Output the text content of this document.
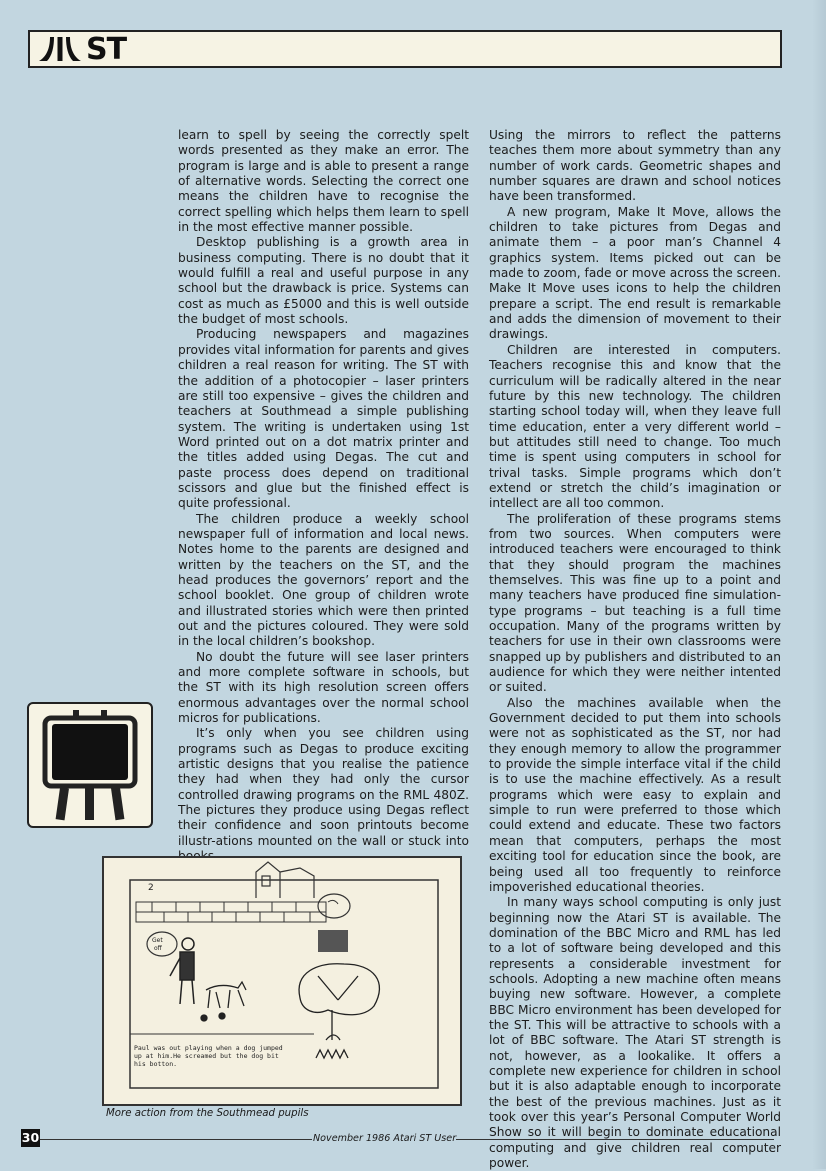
ST

learn to spell by seeing the correctly spelt words presented as they make an error. The program is large and is able to present a range of alternative words. Selecting the correct one means the children have to recognise the correct spelling which helps them learn to spell in the most effective manner possible.

Desktop publishing is a growth area in business computing. There is no doubt that it would fulfill a real and useful purpose in any school but the drawback is price. Systems can cost as much as £5000 and this is well outside the budget of most schools.

Producing newspapers and magazines provides vital information for parents and gives children a real reason for writing. The ST with the addition of a photocopier – laser printers are still too expensive – gives the children and teachers at Southmead a simple publishing system. The writing is undertaken using 1st Word printed out on a dot matrix printer and the titles added using Degas. The cut and paste process does depend on traditional scissors and glue but the finished effect is quite professional.

The children produce a weekly school newspaper full of information and local news. Notes home to the parents are designed and written by the teachers on the ST, and the head produces the governors’ report and the school booklet. One group of children wrote and illustrated stories which were then printed out and the pictures coloured. They were sold in the local children’s bookshop.

No doubt the future will see laser printers and more complete software in schools, but the ST with its high resolution screen offers enormous advantages over the normal school micros for publications.

It’s only when you see children using programs such as Degas to produce exciting artistic designs that you realise the patience they had when they had only the cursor controlled drawing programs on the RML 480Z. The pictures they produce using Degas reflect their confidence and soon printouts become illustr-ations mounted on the wall or stuck into

Using the mirrors to reflect the patterns teaches them more about symmetry than any number of work cards. Geometric shapes and number squares are drawn and school notices have been transformed.

A new program, Make It Move, allows the children to take pictures from Degas and animate them – a poor man’s Channel 4 graphics system. Items picked out can be made to zoom, fade or move across the screen. Make It Move uses icons to help the children prepare a script. The end result is remarkable and adds the dimension of movement to their drawings.

Children are interested in computers. Teachers recognise this and know that the curriculum will be radically altered in the near future by this new technology. The children starting school today will, when they leave full time education, enter a very different world – but attitudes still need to change. Too much time is spent using computers in school for trival tasks. Simple programs which don’t extend or stretch the child’s imagination or intellect are all too common.

The proliferation of these programs stems from two sources. When computers were introduced teachers were encouraged to think that they should program the machines themselves. This was fine up to a point and many teachers have produced fine simulation-type programs – but teaching is a full time occupation. Many of the programs written by teachers for use in their own classrooms were snapped up by publishers and distributed to an audience for which they were neither intented or suited.

Also the machines available when the Government decided to put them into schools were not as sophisticated as the ST, nor had they enough memory to allow the programmer to provide the simple interface vital if the child is to use the machine effectively. As a result programs which were easy to explain and simple to run were preferred to those which could extend and educate. These two factors mean that computers, perhaps the most exciting tool for education since the book, are being used all too frequently to reinforce impoverished educational theories.

In many ways school computing is only just beginning now the Atari ST is available. The domination of the BBC Micro and RML has led to a lot of software being developed and this represents a considerable investment for schools. Adopting a new machine often means buying new software. However, a complete BBC Micro environment has been developed for the ST. This will be attractive to schools with a lot of BBC software. The Atari ST strength is not, however, as a lookalike. It offers a complete new experience for children in school but it is also adaptable enough to incorporate the best of the previous machines. Just as it took over this year’s Personal Computer World Show so it will begin to dominate educational computing and give children real computer power.

2
Get
off
Paul was out playing when a dog jumped up at him.He screamed but the dog bit his botton.
More action from the Southmead pupils
30	November 1986 Atari ST User
